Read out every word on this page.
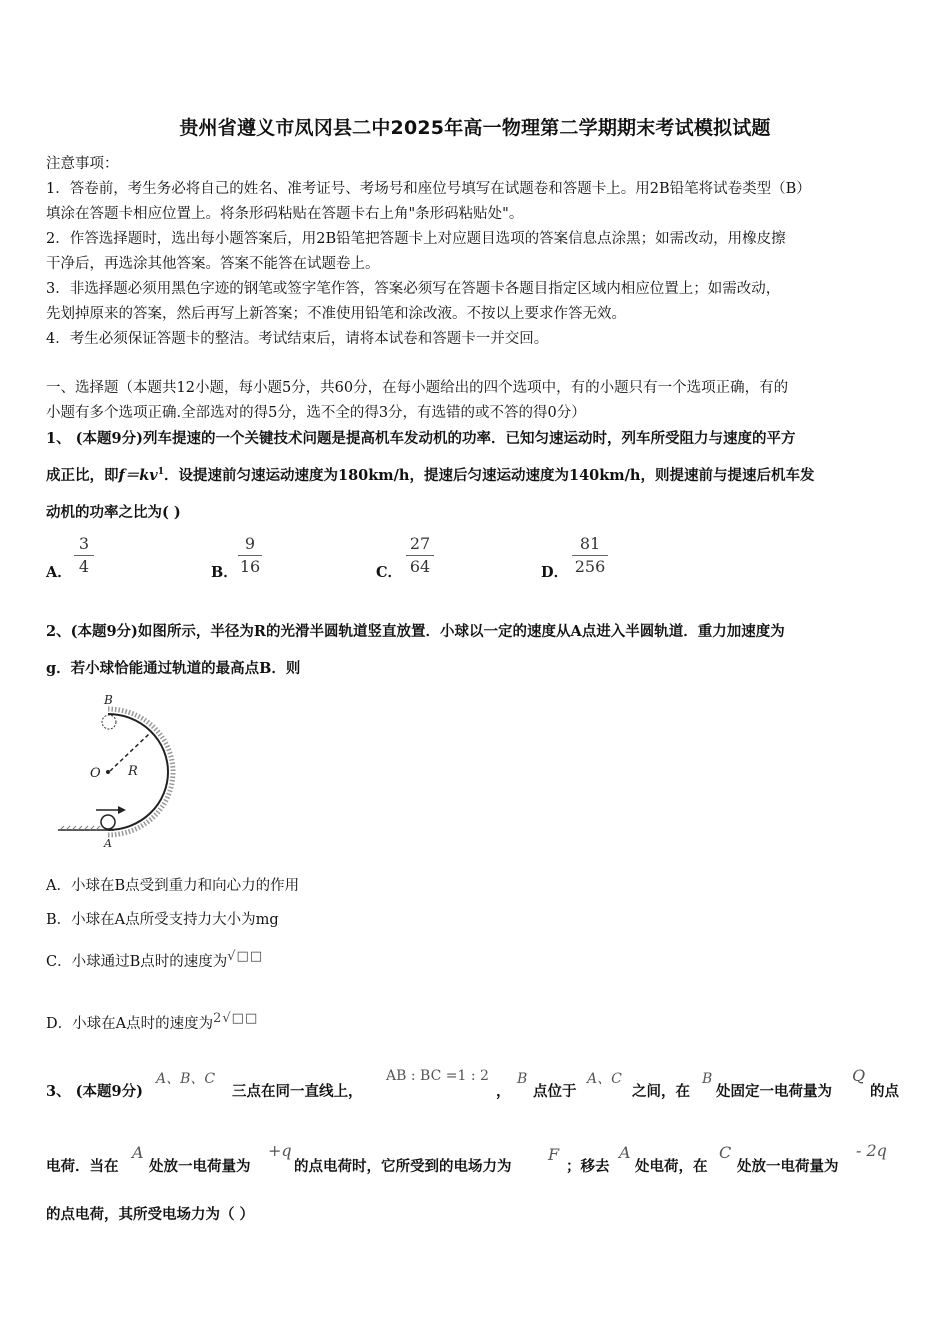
贵州省遵义市凤冈县二中2025年高一物理第二学期期末考试模拟试题
注意事项：
1．答卷前，考生务必将自己的姓名、准考证号、考场号和座位号填写在试题卷和答题卡上。用2B铅笔将试卷类型（B）
填涂在答题卡相应位置上。将条形码粘贴在答题卡右上角"条形码粘贴处"。
2．作答选择题时，选出每小题答案后，用2B铅笔把答题卡上对应题目选项的答案信息点涂黑；如需改动，用橡皮擦
干净后，再选涂其他答案。答案不能答在试题卷上。
3．非选择题必须用黑色字迹的钢笔或签字笔作答，答案必须写在答题卡各题目指定区域内相应位置上；如需改动，
先划掉原来的答案，然后再写上新答案；不准使用铅笔和涂改液。不按以上要求作答无效。
4．考生必须保证答题卡的整洁。考试结束后，请将本试卷和答题卡一并交回。
一、选择题（本题共12小题，每小题5分，共60分，在每小题给出的四个选项中，有的小题只有一个选项正确，有的
小题有多个选项正确.全部选对的得5分，选不全的得3分，有选错的或不答的得0分）
1、 (本题9分)列车提速的一个关键技术问题是提高机车发动机的功率．已知匀速运动时，列车所受阻力与速度的平方
成正比，即$f=kv^1$．设提速前匀速运动速度为180km/h，提速后匀速运动速度为140km/h，则提速前与提速后机车发
动机的功率之比为( )
A．
3
4	B．
9
16	C．
27
64	D．
81
256
2、(本题9分)如图所示，半径为R的光滑半圆轨道竖直放置．小球以一定的速度从A点进入半圆轨道．重力加速度为
g．若小球恰能通过轨道的最高点B．则
B
O R
A
A．小球在B点受到重力和向心力的作用
B．小球在A点所受支持力大小为mg
C．小球通过B点时的速度为√□□
D．小球在A点时的速度为$^{2√□□}$
3、 (本题9分)
A、B、C
三点在同一直线上，
AB : BC =1 : 2
，
B
点位于
A、C
之间，在
B
处固定一电荷量为
Q
的点
电荷．当在
A
处放一电荷量为
+q
的点电荷时，它所受到的电场力为
F
；移去
A
处电荷，在
C
处放一电荷量为
- 2q
的点电荷，其所受电场力为（ ）
